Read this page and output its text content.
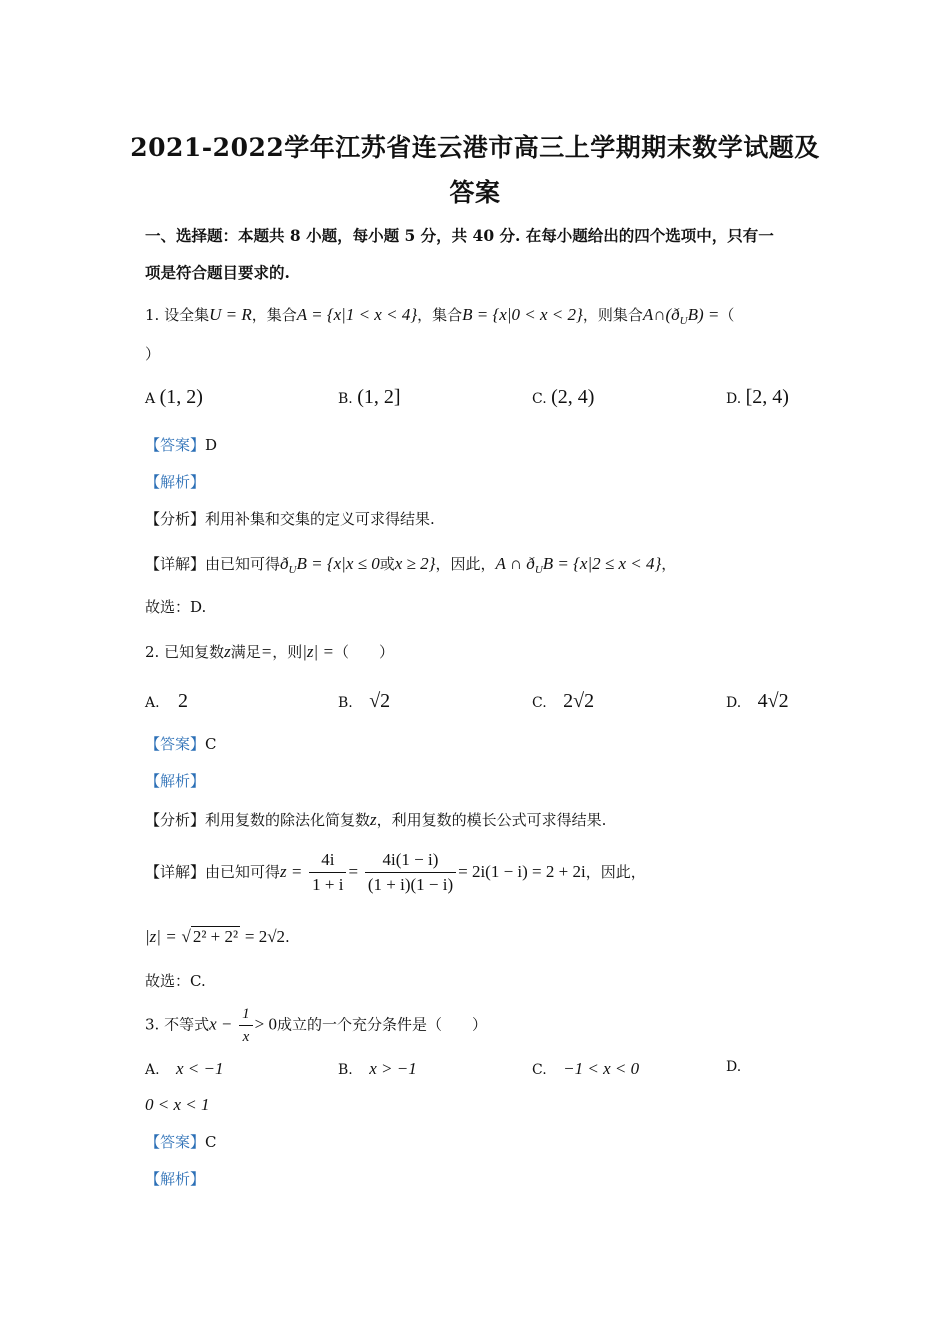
2021-2022学年江苏省连云港市高三上学期期末数学试题及
答案
一、选择题：本题共 8 小题，每小题 5 分，共 40 分. 在每小题给出的四个选项中，只有一
项是符合题目要求的.
1. 设全集U = R，集合A = {x|1 < x < 4}，集合B = {x|0 < x < 2}，则集合$A\cap(ð_UB)$ =（
）
A (1, 2)	B. (1, 2]	C. (2, 4)	D. [2, 4)
【答案】D
【解析】
【分析】利用补集和交集的定义可求得结果.
【详解】由已知可得$ð_UB = \{x|x \le 0$或x ≥ 2}，因此，A ∩ $ð_UB = \{x|2 \le x < 4\}$，
故选：D.
2. 已知复数z满足=，则|z| =（　　）
A. 2	B. √2	C. 2√2	D. 4√2
【答案】C
【解析】
【分析】利用复数的除法化简复数z，利用复数的模长公式可求得结果.
【详解】由已知可得$z = \frac{4i}{1 + i} = \frac{4i(1 - i)}{(1 + i)(1 - i)} = 2i(1 - i) = 2 + 2i$，因此，
|z| = √ 2² + 2² = 2√2.
故选：C.
3. 不等式$x - \frac{1}{x} > 0$成立的一个充分条件是（　　）
A. x < −1	B. x > −1	C. −1 < x < 0	D.
0 < x < 1
【答案】C
【解析】
